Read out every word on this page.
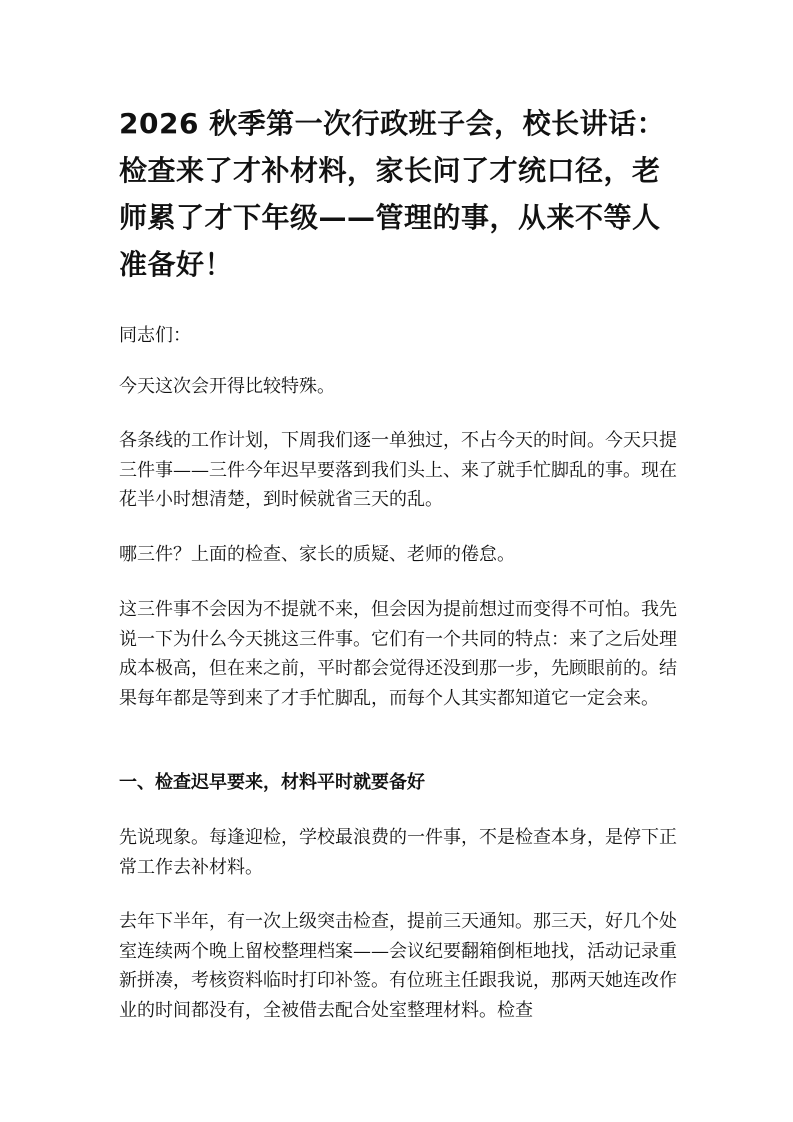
2026 秋季第一次行政班子会，校长讲话：检查来了才补材料，家长问了才统口径，老师累了才下年级——管理的事，从来不等人准备好！

同志们：

今天这次会开得比较特殊。

各条线的工作计划，下周我们逐一单独过，不占今天的时间。今天只提三件事——三件今年迟早要落到我们头上、来了就手忙脚乱的事。现在花半小时想清楚，到时候就省三天的乱。

哪三件？上面的检查、家长的质疑、老师的倦怠。

这三件事不会因为不提就不来，但会因为提前想过而变得不可怕。我先说一下为什么今天挑这三件事。它们有一个共同的特点：来了之后处理成本极高，但在来之前，平时都会觉得还没到那一步，先顾眼前的。结果每年都是等到来了才手忙脚乱，而每个人其实都知道它一定会来。

一、检查迟早要来，材料平时就要备好

先说现象。每逢迎检，学校最浪费的一件事，不是检查本身，是停下正常工作去补材料。

去年下半年，有一次上级突击检查，提前三天通知。那三天，好几个处室连续两个晚上留校整理档案——会议纪要翻箱倒柜地找，活动记录重新拼凑，考核资料临时打印补签。有位班主任跟我说，那两天她连改作业的时间都没有，全被借去配合处室整理材料。检查
